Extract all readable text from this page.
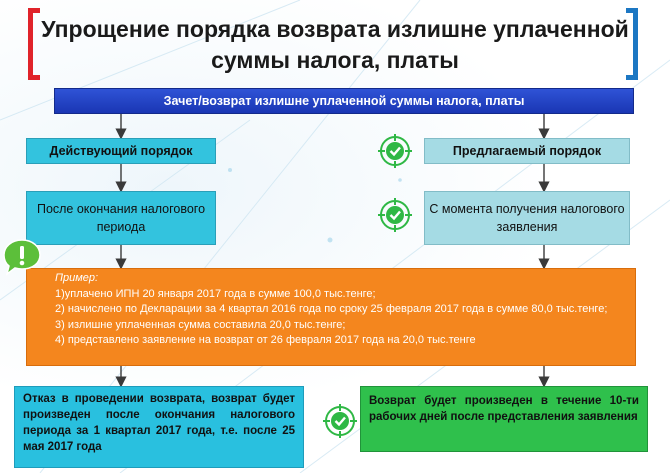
Упрощение порядка возврата излишне уплаченной суммы налога, платы
Зачет/возврат излишне уплаченной суммы налога, платы
Действующий порядок	Предлагаемый порядок
После окончания налогового периода
С момента получения налогового заявления
Пример:
1)уплачено ИПН 20 января 2017 года в сумме 100,0 тыс.тенге;
2) начислено по Декларации за 4 квартал 2016 года по сроку 25 февраля 2017 года в сумме 80,0 тыс.тенге;
3) излишне уплаченная сумма составила 20,0 тыс.тенге;
4) представлено заявление на возврат от 26 февраля 2017 года на 20,0 тыс.тенге
Отказ в проведении возврата, возврат будет произведен после окончания налогового периода за 1 квартал 2017 года, т.е. после 25 мая 2017 года
Возврат будет произведен в течение 10-ти рабочих дней после представления заявления
